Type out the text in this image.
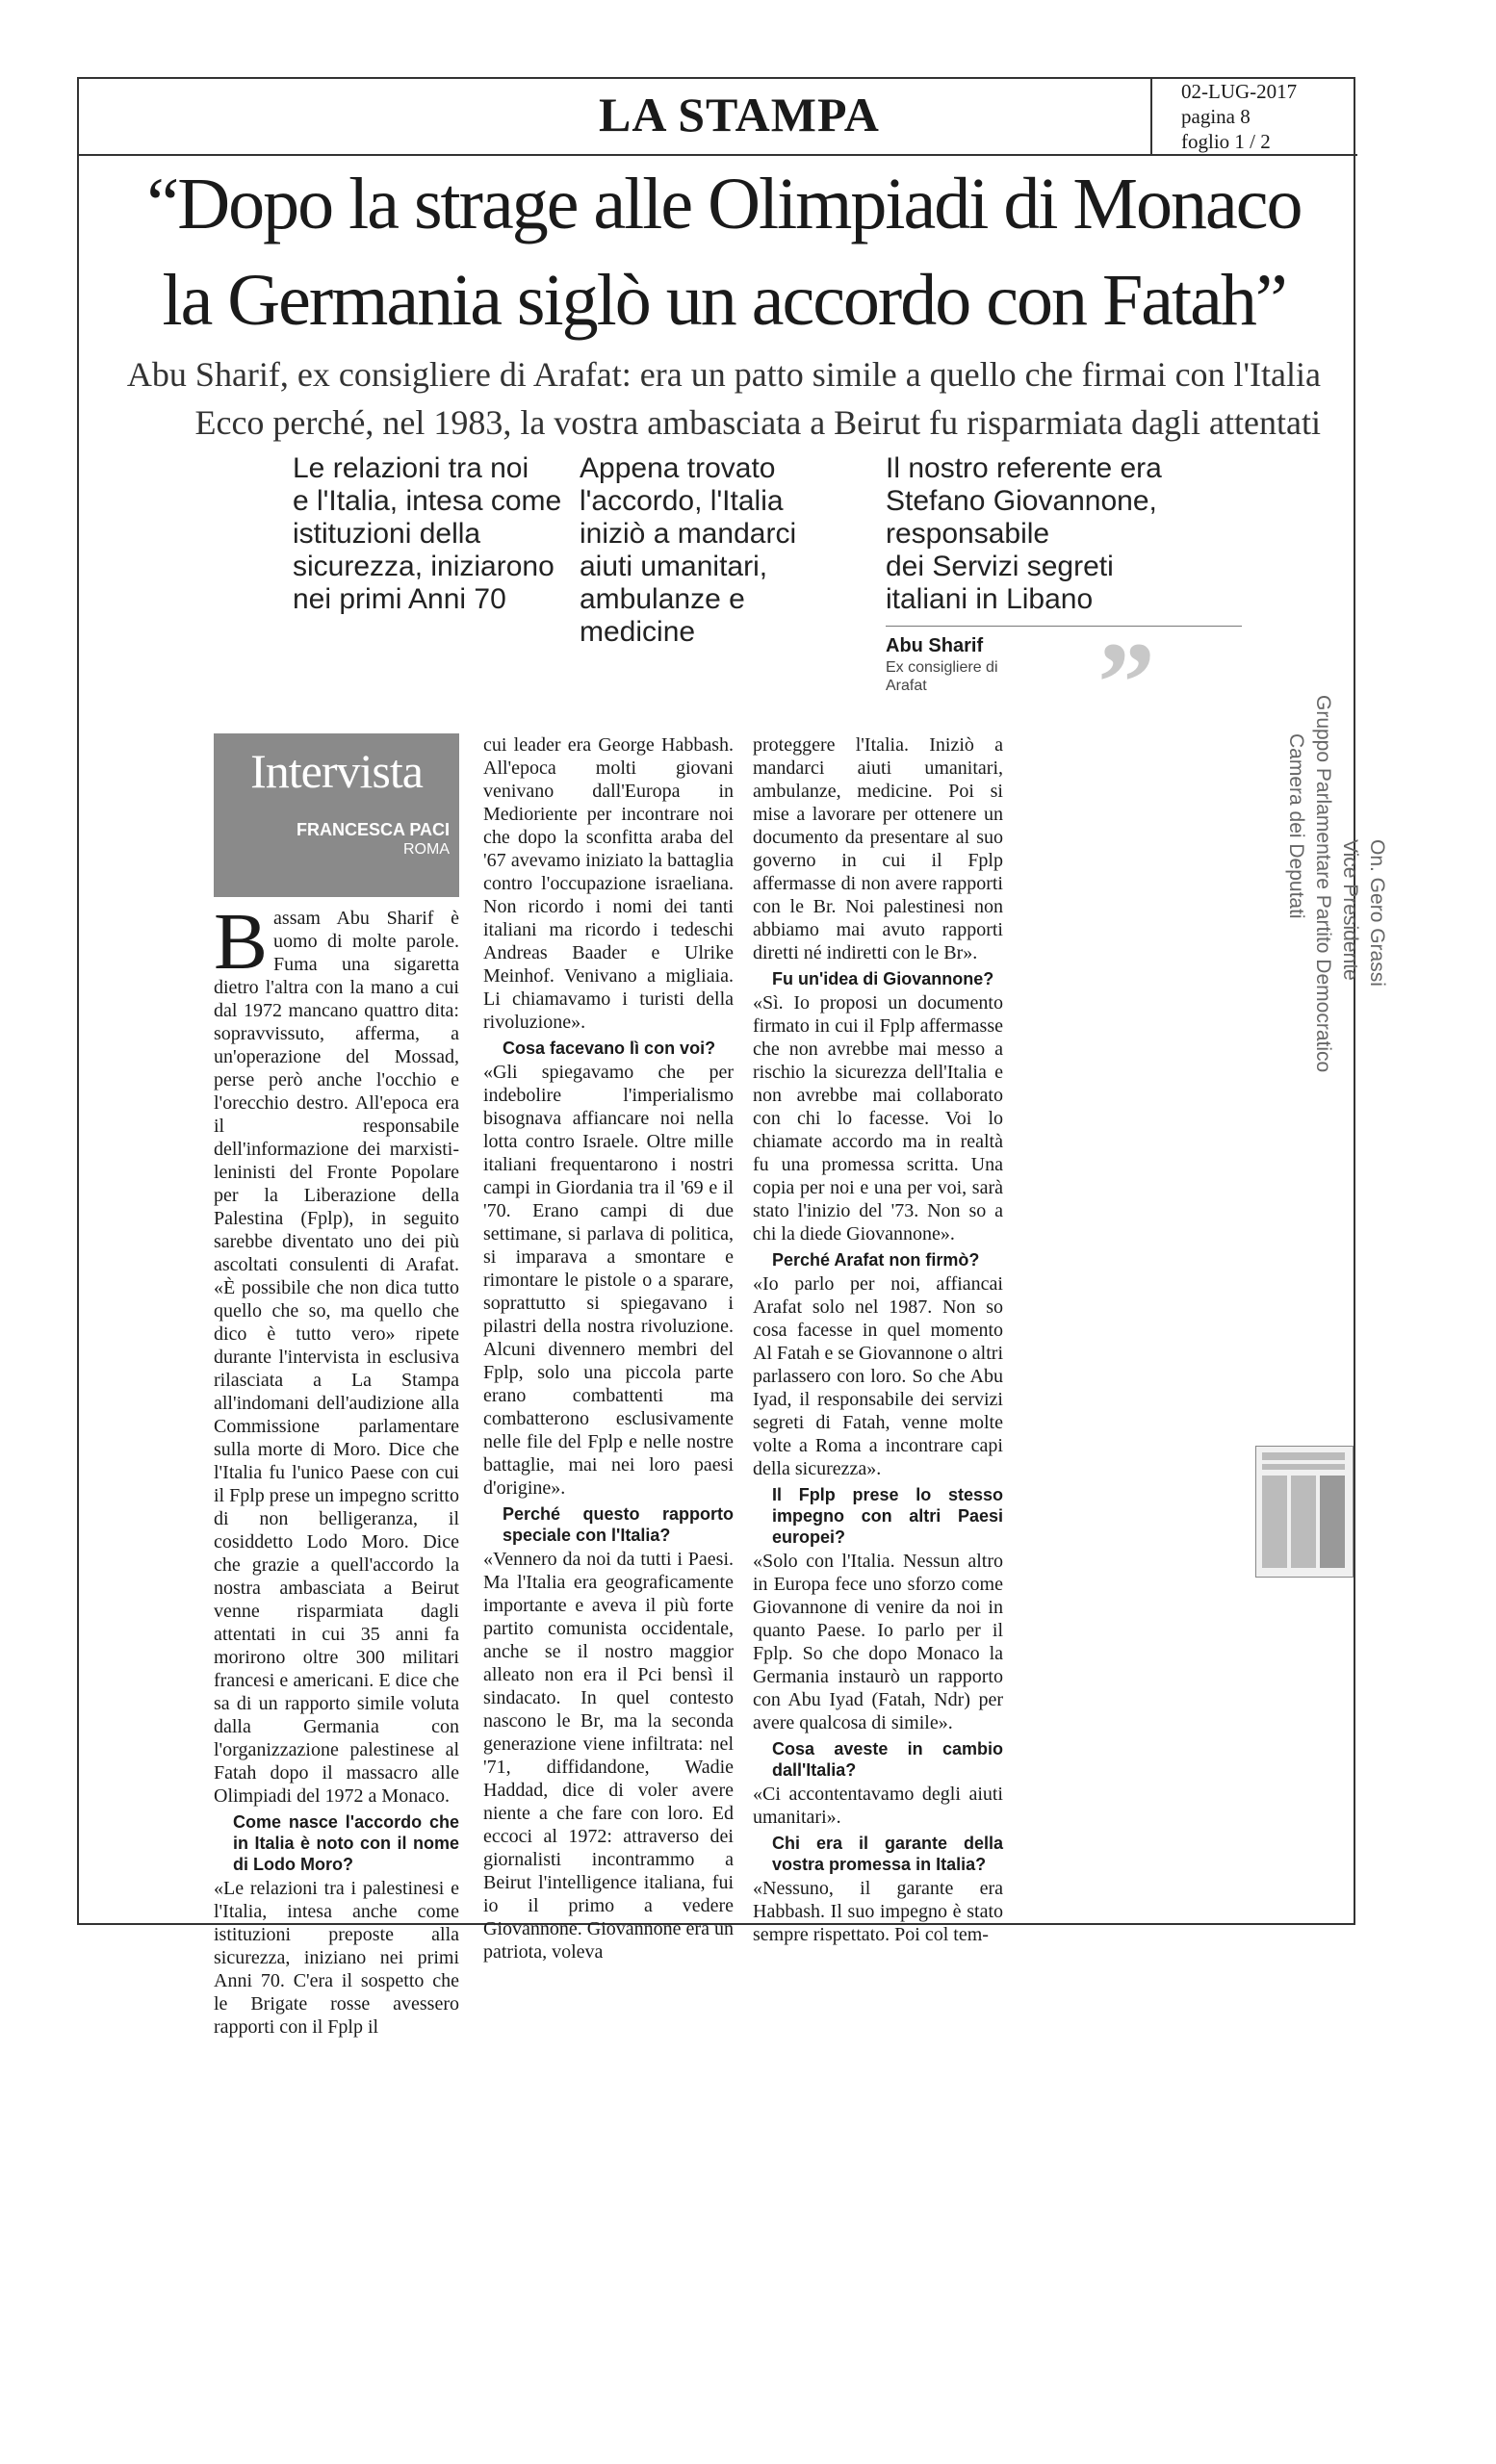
LA STAMPA	02-LUG-2017
pagina 8
foglio 1 / 2
“Dopo la strage alle Olimpiadi di Monaco
la Germania siglò un accordo con Fatah”
Abu Sharif, ex consigliere di Arafat: era un patto simile a quello che firmai con l'Italia
Ecco perché, nel 1983, la vostra ambasciata a Beirut fu risparmiata dagli attentati
Le relazioni tra noi
e l'Italia, intesa come
istituzioni della
sicurezza, iniziarono
nei primi Anni 70
Appena trovato
l'accordo, l'Italia
iniziò a mandarci
aiuti umanitari,
ambulanze e medicine
Il nostro referente era
Stefano Giovannone,
responsabile
dei Servizi segreti
italiani in Libano
Abu Sharif
Ex consigliere di Arafat	”
Intervista
FRANCESCA PACI
ROMA

Bassam Abu Sharif è uomo di molte parole. Fuma una sigaretta dietro l'altra con la mano a cui dal 1972 mancano quattro dita: sopravvissuto, afferma, a un'operazione del Mossad, perse però anche l'occhio e l'orecchio destro. All'epoca era il responsabile dell'informazione dei marxisti-leninisti del Fronte Popolare per la Liberazione della Palestina (Fplp), in seguito sarebbe diventato uno dei più ascoltati consulenti di Arafat. «È possibile che non dica tutto quello che so, ma quello che dico è tutto vero» ripete durante l'intervista in esclusiva rilasciata a La Stampa all'indomani dell'audizione alla Commissione parlamentare sulla morte di Moro. Dice che l'Italia fu l'unico Paese con cui il Fplp prese un impegno scritto di non belligeranza, il cosiddetto Lodo Moro. Dice che grazie a quell'accordo la nostra ambasciata a Beirut venne risparmiata dagli attentati in cui 35 anni fa morirono oltre 300 militari francesi e americani. E dice che sa di un rapporto simile voluta dalla Germania con l'organizzazione palestinese al Fatah dopo il massacro alle Olimpiadi del 1972 a Monaco.

Come nasce l'accordo che in Italia è noto con il nome di Lodo Moro?

«Le relazioni tra i palestinesi e l'Italia, intesa anche come istituzioni preposte alla sicurezza, iniziano nei primi Anni 70. C'era il sospetto che le Brigate rosse avessero rapporti con il Fplp il

cui leader era George Habbash. All'epoca molti giovani venivano dall'Europa in Medioriente per incontrare noi che dopo la sconfitta araba del '67 avevamo iniziato la battaglia contro l'occupazione israeliana. Non ricordo i nomi dei tanti italiani ma ricordo i tedeschi Andreas Baader e Ulrike Meinhof. Venivano a migliaia. Li chiamavamo i turisti della rivoluzione».

Cosa facevano lì con voi?

«Gli spiegavamo che per indebolire l'imperialismo bisognava affiancare noi nella lotta contro Israele. Oltre mille italiani frequentarono i nostri campi in Giordania tra il '69 e il '70. Erano campi di due settimane, si parlava di politica, si imparava a smontare e rimontare le pistole o a sparare, soprattutto si spiegavano i pilastri della nostra rivoluzione. Alcuni divennero membri del Fplp, solo una piccola parte erano combattenti ma combatterono esclusivamente nelle file del Fplp e nelle nostre battaglie, mai nei loro paesi d'origine».

Perché questo rapporto speciale con l'Italia?

«Vennero da noi da tutti i Paesi. Ma l'Italia era geograficamente importante e aveva il più forte partito comunista occidentale, anche se il nostro maggior alleato non era il Pci bensì il sindacato. In quel contesto nascono le Br, ma la seconda generazione viene infiltrata: nel '71, diffidandone, Wadie Haddad, dice di voler avere niente a che fare con loro. Ed eccoci al 1972: attraverso dei giornalisti incontrammo a Beirut l'intelligence italiana, fui io il primo a vedere Giovannone. Giovannone era un patriota, voleva

proteggere l'Italia. Iniziò a mandarci aiuti umanitari, ambulanze, medicine. Poi si mise a lavorare per ottenere un documento da presentare al suo governo in cui il Fplp affermasse di non avere rapporti con le Br. Noi palestinesi non abbiamo mai avuto rapporti diretti né indiretti con le Br».

Fu un'idea di Giovannone?

«Sì. Io proposi un documento firmato in cui il Fplp affermasse che non avrebbe mai messo a rischio la sicurezza dell'Italia e non avrebbe mai collaborato con chi lo facesse. Voi lo chiamate accordo ma in realtà fu una promessa scritta. Una copia per noi e una per voi, sarà stato l'inizio del '73. Non so a chi la diede Giovannone».

Perché Arafat non firmò?

«Io parlo per noi, affiancai Arafat solo nel 1987. Non so cosa facesse in quel momento Al Fatah e se Giovannone o altri parlassero con loro. So che Abu Iyad, il responsabile dei servizi segreti di Fatah, venne molte volte a Roma a incontrare capi della sicurezza».

Il Fplp prese lo stesso impegno con altri Paesi europei?

«Solo con l'Italia. Nessun altro in Europa fece uno sforzo come Giovannone di venire da noi in quanto Paese. Io parlo per il Fplp. So che dopo Monaco la Germania instaurò un rapporto con Abu Iyad (Fatah, Ndr) per avere qualcosa di simile».

Cosa aveste in cambio dall'Italia?

«Ci accontentavamo degli aiuti umanitari».

Chi era il garante della vostra promessa in Italia?

«Nessuno, il garante era Habbash. Il suo impegno è stato sempre rispettato. Poi col tem-

On. Gero Grassi
Vice Presidente
Gruppo Parlamentare Partito Democratico
Camera dei Deputati
